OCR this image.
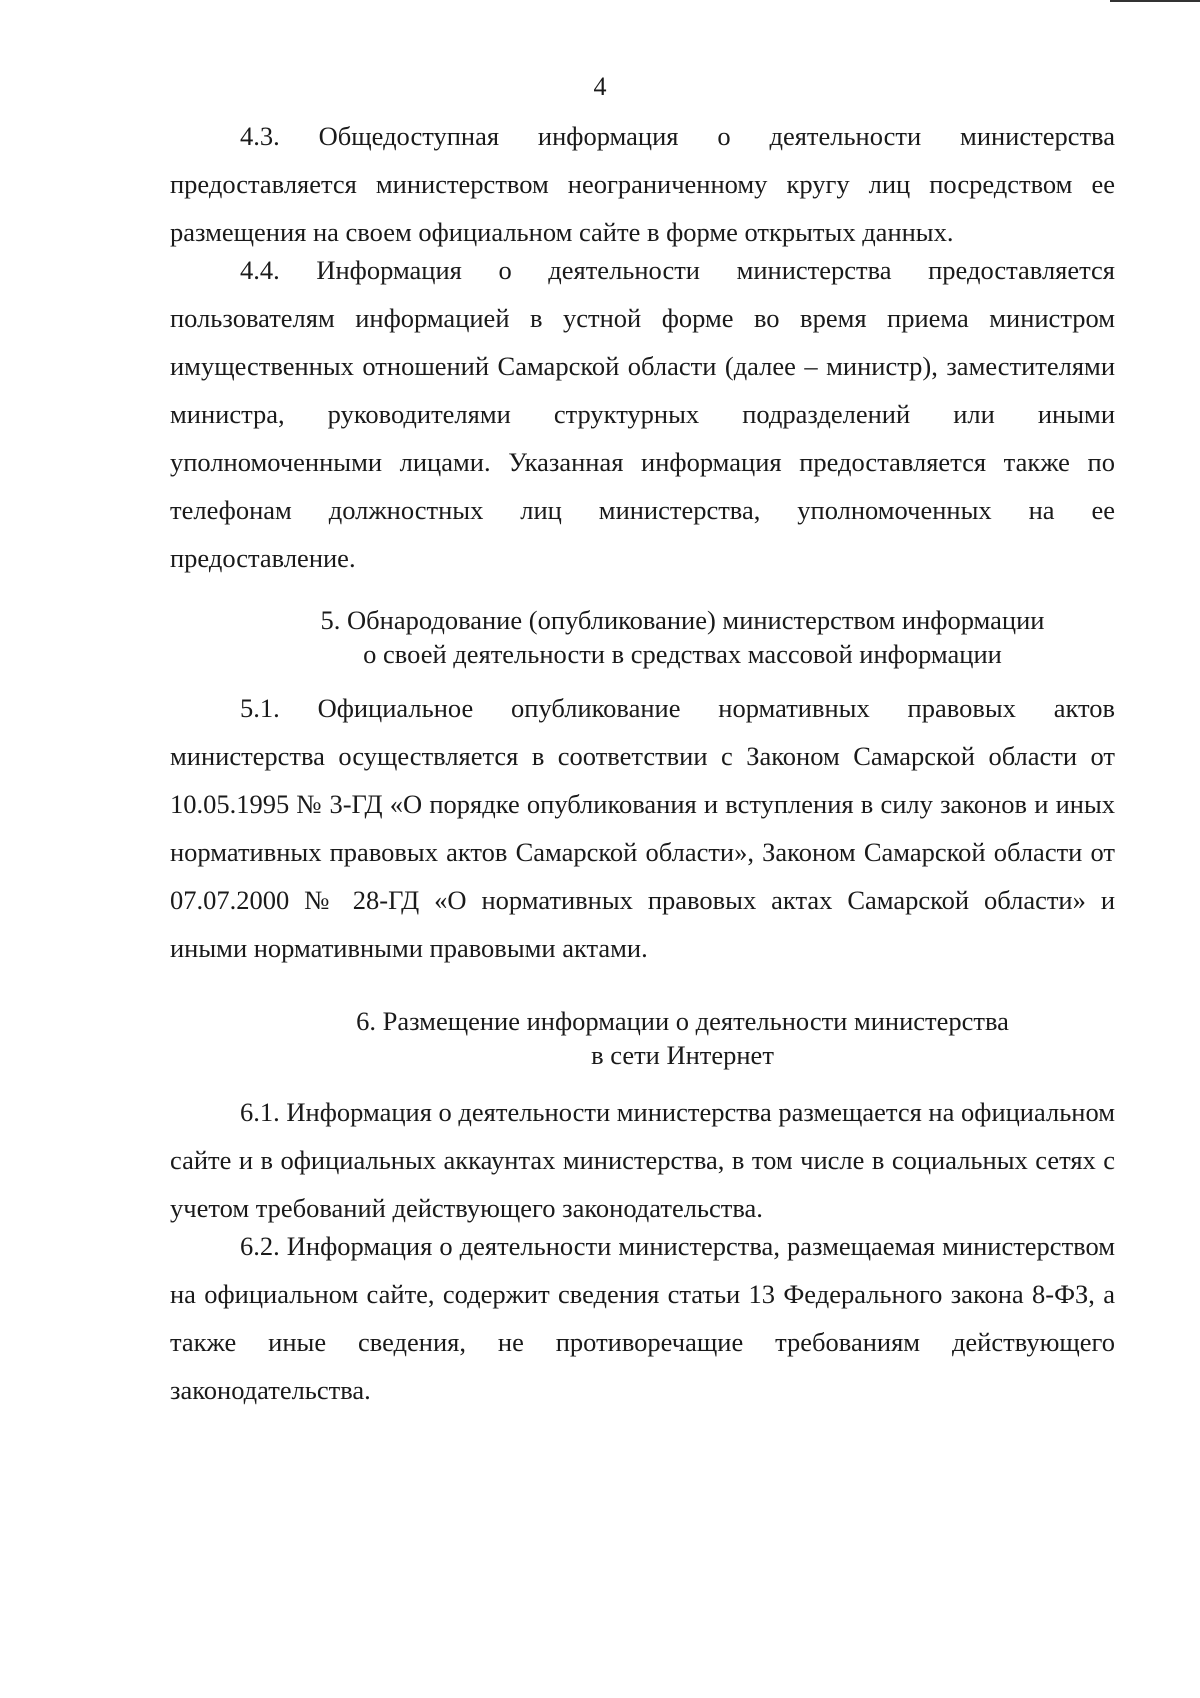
4

4.3. Общедоступная информация о деятельности министерства предоставляется министерством неограниченному кругу лиц посредством ее размещения на своем официальном сайте в форме открытых данных.

4.4. Информация о деятельности министерства предоставляется пользователям информацией в устной форме во время приема министром имущественных отношений Самарской области (далее – министр), заместителями министра, руководителями структурных подразделений или иными уполномоченными лицами. Указанная информация предоставляется также по телефонам должностных лиц министерства, уполномоченных на ее предоставление.

5. Обнародование (опубликование) министерством информации
о своей деятельности в средствах массовой информации

5.1. Официальное опубликование нормативных правовых актов министерства осуществляется в соответствии с Законом Самарской области от 10.05.1995 № 3-ГД «О порядке опубликования и вступления в силу законов и иных нормативных правовых актов Самарской области», Законом Самарской области от 07.07.2000 № 28-ГД «О нормативных правовых актах Самарской области» и иными нормативными правовыми актами.

6. Размещение информации о деятельности министерства
в сети Интернет

6.1. Информация о деятельности министерства размещается на официальном сайте и в официальных аккаунтах министерства, в том числе в социальных сетях с учетом требований действующего законодательства.

6.2. Информация о деятельности министерства, размещаемая министерством на официальном сайте, содержит сведения статьи 13 Федерального закона 8-ФЗ, а также иные сведения, не противоречащие требованиям действующего законодательства.
